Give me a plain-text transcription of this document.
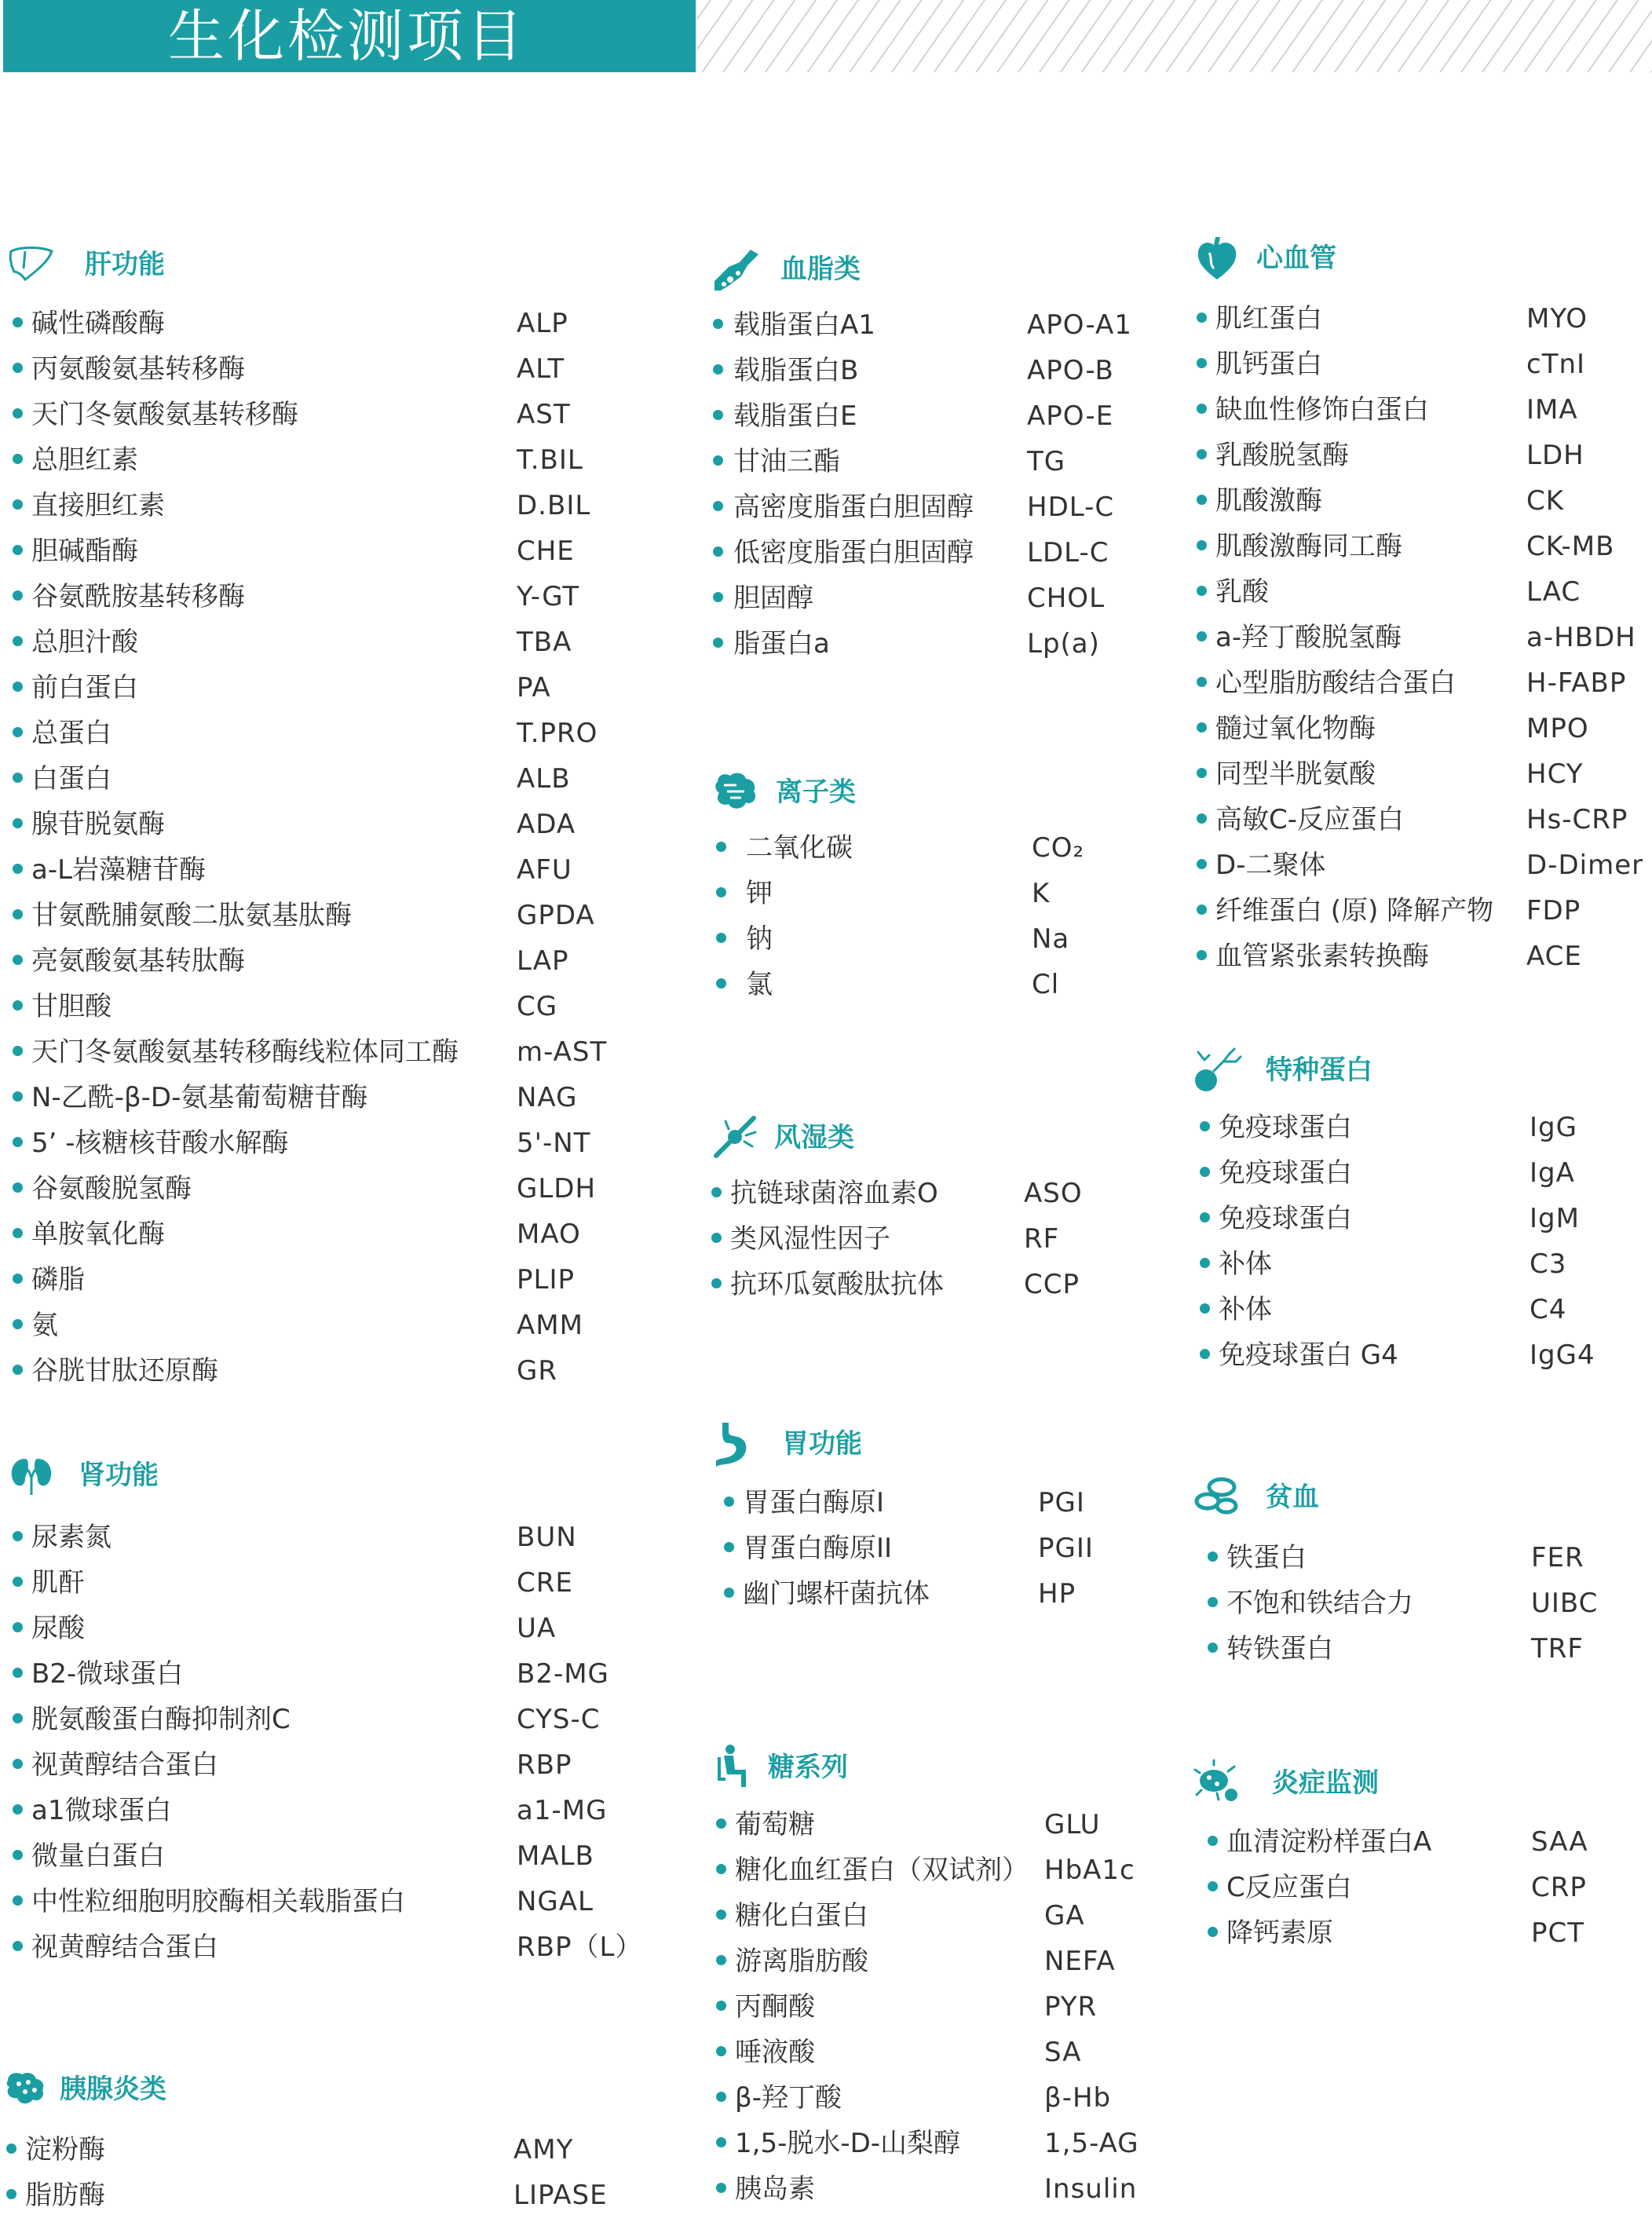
生化检测项目
肝功能
碱性磷酸酶	ALP
丙氨酸氨基转移酶	ALT
天门冬氨酸氨基转移酶	AST
总胆红素	T.BIL
直接胆红素	D.BIL
胆碱酯酶	CHE
谷氨酰胺基转移酶	Y-GT
总胆汁酸	TBA
前白蛋白	PA
总蛋白	T.PRO
白蛋白	ALB
腺苷脱氨酶	ADA
a-L岩藻糖苷酶	AFU
甘氨酰脯氨酸二肽氨基肽酶	GPDA
亮氨酸氨基转肽酶	LAP
甘胆酸	CG
天门冬氨酸氨基转移酶线粒体同工酶 m-AST
N-乙酰-β-D-氨基葡萄糖苷酶	NAG
5’ -核糖核苷酸水解酶	5'-NT
谷氨酸脱氢酶	GLDH
单胺氧化酶	MAO
磷脂	PLIP
氨	AMM
谷胱甘肽还原酶	GR
肾功能
尿素氮	BUN
肌酐	CRE
尿酸	UA
B2-微球蛋白	B2-MG
胱氨酸蛋白酶抑制剂C	CYS-C
视黄醇结合蛋白	RBP
a1微球蛋白	a1-MG
微量白蛋白	MALB
中性粒细胞明胶酶相关载脂蛋白	NGAL
视黄醇结合蛋白	RBP（L）
胰腺炎类
淀粉酶	AMY
脂肪酶	LIPASE
血脂类
载脂蛋白A1	APO-A1
载脂蛋白B	APO-B
载脂蛋白E	APO-E
甘油三酯	TG
高密度脂蛋白胆固醇 HDL-C
低密度脂蛋白胆固醇 LDL-C
胆固醇	CHOL
脂蛋白a	Lp(a)
离子类
二氧化碳	CO₂
钾	K
钠	Na
氯	Cl
风湿类
抗链球菌溶血素O	ASO
类风湿性因子	RF
抗环瓜氨酸肽抗体	CCP
胃功能
胃蛋白酶原I	PGI
胃蛋白酶原II	PGII
幽门螺杆菌抗体	HP
糖系列
葡萄糖	GLU
糖化血红蛋白（双试剂） HbA1c
糖化白蛋白	GA
游离脂肪酸	NEFA
丙酮酸	PYR
唾液酸	SA
β-羟丁酸	β-Hb
1,5-脱水-D-山梨醇	1,5-AG
胰岛素	Insulin
心血管
肌红蛋白	MYO
肌钙蛋白	cTnI
缺血性修饰白蛋白	IMA
乳酸脱氢酶	LDH
肌酸激酶	CK
肌酸激酶同工酶	CK-MB
乳酸	LAC
a-羟丁酸脱氢酶	a-HBDH
心型脂肪酸结合蛋白	H-FABP
髓过氧化物酶	MPO
同型半胱氨酸	HCY
高敏C-反应蛋白	Hs-CRP
D-二聚体	D-Dimer
纤维蛋白 (原) 降解产物 FDP
血管紧张素转换酶	ACE
特种蛋白
免疫球蛋白	IgG
免疫球蛋白	IgA
免疫球蛋白	IgM
补体	C3
补体	C4
免疫球蛋白 G4	IgG4
贫血
铁蛋白	FER
不饱和铁结合力	UIBC
转铁蛋白	TRF
炎症监测
血清淀粉样蛋白A	SAA
C反应蛋白	CRP
降钙素原	PCT
